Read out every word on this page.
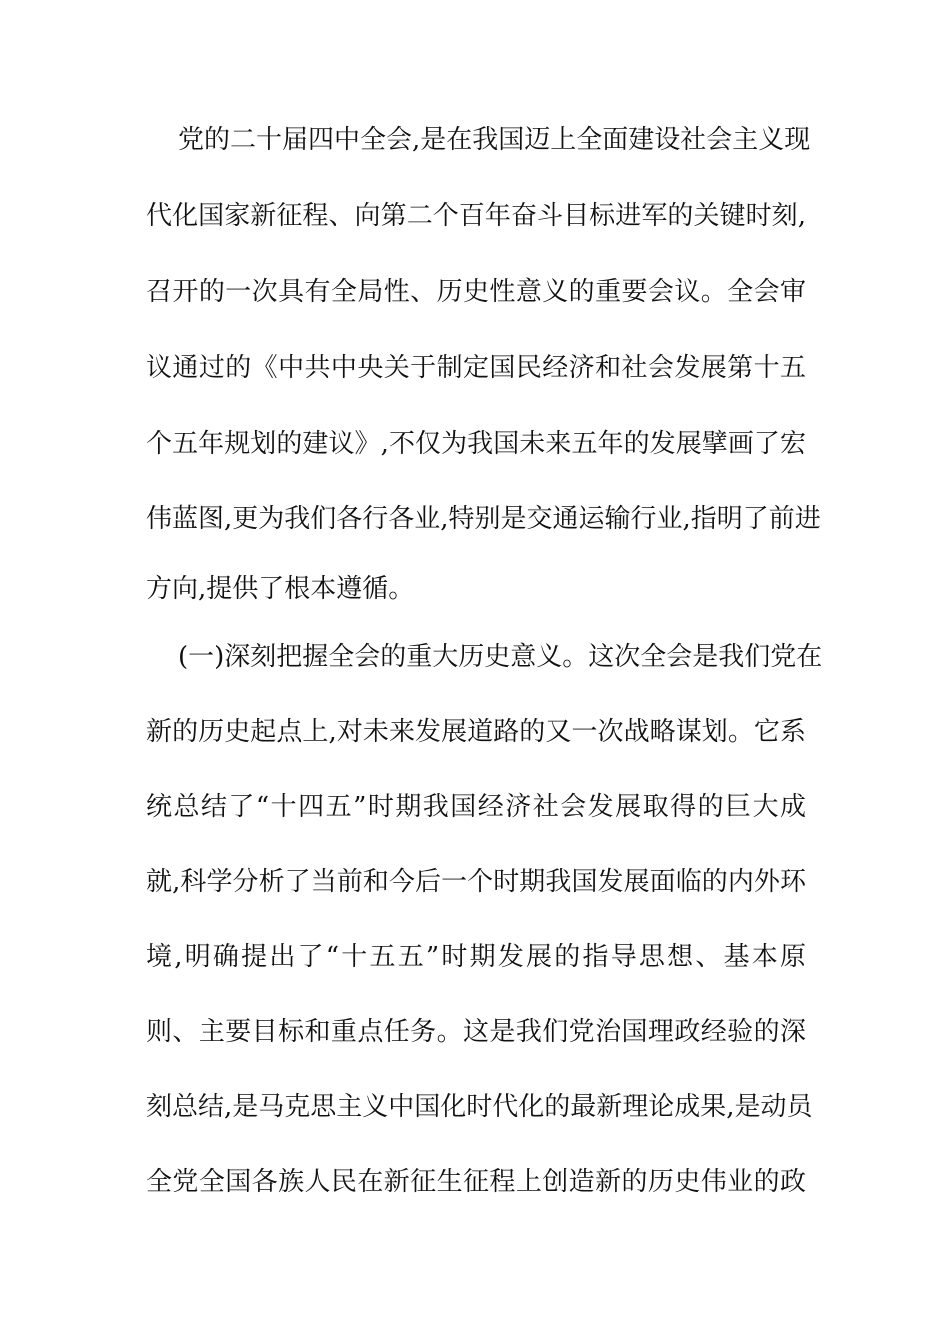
党的二十届四中全会,是在我国迈上全面建设社会主义现
代化国家新征程、向第二个百年奋斗目标进军的关键时刻,
召开的一次具有全局性、历史性意义的重要会议。全会审
议通过的《中共中央关于制定国民经济和社会发展第十五
个五年规划的建议》,不仅为我国未来五年的发展擘画了宏
伟蓝图,更为我们各行各业,特别是交通运输行业,指明了前进
方向,提供了根本遵循。
(一)深刻把握全会的重大历史意义。这次全会是我们党在
新的历史起点上,对未来发展道路的又一次战略谋划。它系
统总结了“十四五”时期我国经济社会发展取得的巨大成
就,科学分析了当前和今后一个时期我国发展面临的内外环
境,明确提出了“十五五”时期发展的指导思想、基本原
则、主要目标和重点任务。这是我们党治国理政经验的深
刻总结,是马克思主义中国化时代化的最新理论成果,是动员
全党全国各族人民在新征生征程上创造新的历史伟业的政
